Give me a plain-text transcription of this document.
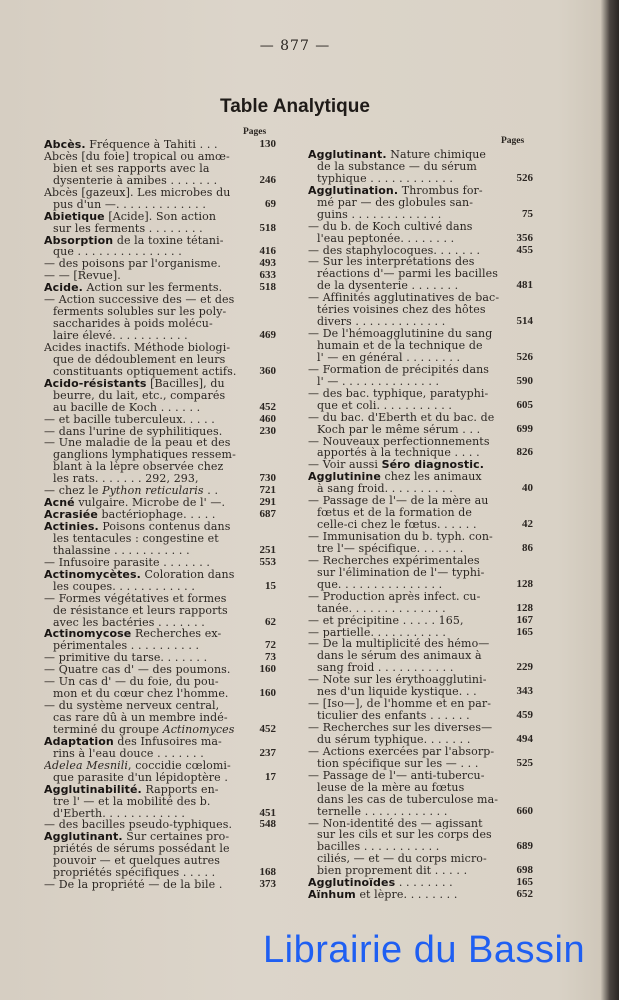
— 877 —
Table Analytique
Pages
Pages
Abcès. Fréquence à Tahiti . . .	130
Abcès [du foie] tropical ou amœ-
bien et ses rapports avec la
dysenterie à amibes . . . . . . .	246
Abcès [gazeux]. Les microbes du
pus d'un —. . . . . . . . . . . . .	69
Abietique [Acide]. Son action
sur les ferments . . . . . . . .	518
Absorption de la toxine tétani-
que . . . . . . . . . . . . . . .	416
— des poisons par l'organisme.	493
— — [Revue].	633
Acide. Action sur les ferments.	518
— Action successive des — et des
ferments solubles sur les poly-
saccharides à poids molécu-
laire élevé. . . . . . . . . . .	469
Acides inactifs. Méthode biologi-
que de dédoublement en leurs
constituants optiquement actifs.	360
Acido-résistants [Bacilles], du
beurre, du lait, etc., comparés
au bacille de Koch . . . . . .	452
— et bacille tuberculeux. . . . .	460
— dans l'urine de syphilitiques.	230
— Une maladie de la peau et des
ganglions lymphatiques ressem-
blant à la lèpre observée chez
les rats. . . . . . . 292, 293,	730
— chez le Python reticularis . .	721
Acné vulgaire. Microbe de l' —.	291
Acrasiée bactériophage. . . . .	687
Actinies. Poisons contenus dans
les tentacules : congestine et
thalassine . . . . . . . . . . .	251
— Infusoire parasite . . . . . . .	553
Actinomycètes. Coloration dans
les coupes. . . . . . . . . . . .	15
— Formes végétatives et formes
de résistance et leurs rapports
avec les bactéries . . . . . . .	62
Actinomycose Recherches ex-
périmentales . . . . . . . . . .	72
— primitive du tarse. . . . . . .	73
— Quatre cas d' — des poumons.	160
— Un cas d' — du foie, du pou-
mon et du cœur chez l'homme.	160
— du système nerveux central,
cas rare dû à un membre indé-
terminé du groupe Actinomyces	452
Adaptation des Infusoires ma-
rins à l'eau douce . . . . . . .	237
Adelea Mesnili, coccidie cœlomi-
que parasite d'un lépidoptère .	17
Agglutinabilité. Rapports en-
tre l' — et la mobilité des b.
d'Eberth. . . . . . . . . . . .	451
— des bacilles pseudo-typhiques.	548
Agglutinant. Sur certaines pro-
priétés de sérums possédant le
pouvoir — et quelques autres
propriétés spécifiques . . . . .	168
— De la propriété — de la bile .	373
Agglutinant. Nature chimique
de la substance — du sérum
typhique . . . . . . . . . . . .	526
Agglutination. Thrombus for-
mé par — des globules san-
guins . . . . . . . . . . . . .	75
— du b. de Koch cultivé dans
l'eau peptonée. . . . . . . .	356
— des staphylocoques. . . . . . .	455
— Sur les interprétations des
réactions d'— parmi les bacilles
de la dysenterie . . . . . . .	481
— Affinités agglutinatives de bac-
téries voisines chez des hôtes
divers . . . . . . . . . . . . .	514
— De l'hémoagglutinine du sang
humain et de la technique de
l' — en général . . . . . . . .	526
— Formation de précipités dans
l' — . . . . . . . . . . . . . .	590
— des bac. typhique, paratyphi-
que et coli. . . . . . . . . . .	605
— du bac. d'Eberth et du bac. de
Koch par le même sérum . . .	699
— Nouveaux perfectionnements
apportés à la technique . . . .	826
— Voir aussi Séro diagnostic.
Agglutinine chez les animaux
à sang froid. . . . . . . . . .	40
— Passage de l'— de la mère au
fœtus et de la formation de
celle-ci chez le fœtus. . . . . .	42
— Immunisation du b. typh. con-
tre l'— spécifique. . . . . . .	86
— Recherches expérimentales
sur l'élimination de l'— typhi-
que. . . . . . . . . . . . . . .	128
— Production après infect. cu-
tanée. . . . . . . . . . . . . .	128
— et précipitine . . . . . 165,	167
— partielle. . . . . . . . . . .	165
— De la multiplicité des hémo—
dans le sérum des animaux à
sang froid . . . . . . . . . . .	229
— Note sur les érythoagglutini-
nes d'un liquide kystique. . .	343
— [Iso—], de l'homme et en par-
ticulier des enfants . . . . . .	459
— Recherches sur les diverses—
du sérum typhique. . . . . . .	494
— Actions exercées par l'absorp-
tion spécifique sur les — . . .	525
— Passage de l'— anti-tubercu-
leuse de la mère au fœtus
dans les cas de tuberculose ma-
ternelle . . . . . . . . . . . .	660
— Non-identité des — agissant
sur les cils et sur les corps des
bacilles . . . . . . . . . . .	689
ciliés, — et — du corps micro-
bien proprement dit . . . . .	698
Agglutinoïdes . . . . . . . .	165
Aïnhum et lèpre. . . . . . . .	652
Librairie du Bassin
